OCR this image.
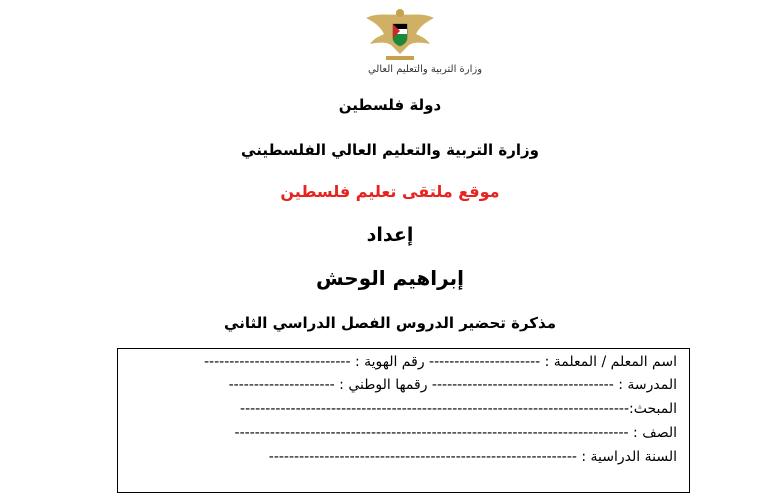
وزارة التربية والتعليم العالي
دولة فلسطين
وزارة التربية والتعليم العالي الفلسطيني
موقع ملتقى تعليم فلسطين
إعداد
إبراهيم الوحش
مذكرة تحضير الدروس الفصل الدراسي الثاني
اسم المعلم / المعلمة : ---------------------- رقم الهوية : -----------------------------
المدرسة : ------------------------------------ رقمها الوطني : ---------------------
المبحث:-----------------------------------------------------------------------------
الصف : ------------------------------------------------------------------------------
السنة الدراسية : -------------------------------------------------------------
